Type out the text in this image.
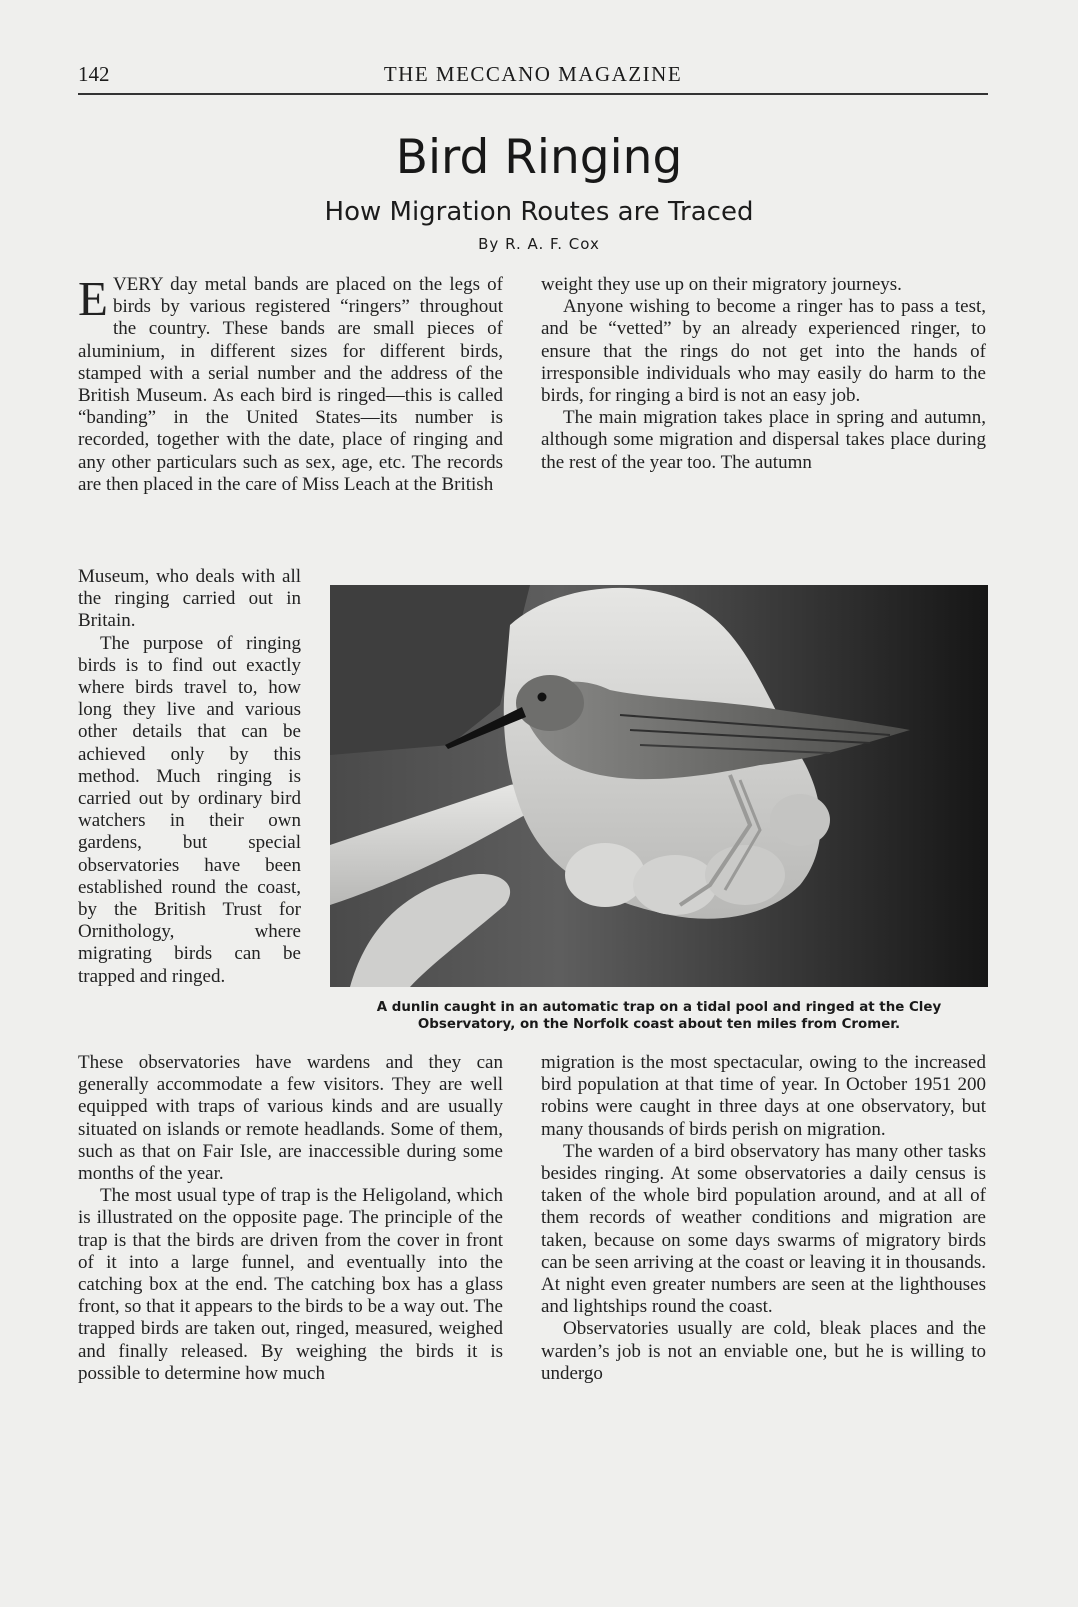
142	THE MECCANO MAGAZINE
Bird Ringing
How Migration Routes are Traced
By R. A. F. Cox

EVERY day metal bands are placed on the legs of birds by various registered “ringers” throughout the country. These bands are small pieces of aluminium, in different sizes for different birds, stamped with a serial number and the address of the British Museum. As each bird is ringed—this is called “banding” in the United States—its number is recorded, together with the date, place of ringing and any other particulars such as sex, age, etc. The records are then placed in the care of Miss Leach at the British

Museum, who deals with all the ringing carried out in Britain.

The purpose of ringing birds is to find out exactly where birds travel to, how long they live and various other details that can be achieved only by this method. Much ringing is carried out by ordinary bird watchers in their own gardens, but special observatories have been established round the coast, by the British Trust for Ornithology, where migrating birds can be trapped and ringed.

These observatories have wardens and they can generally accommodate a few visitors. They are well equipped with traps of various kinds and are usually situated on islands or remote headlands. Some of them, such as that on Fair Isle, are inaccessible during some months of the year.

The most usual type of trap is the Heligoland, which is illustrated on the opposite page. The principle of the trap is that the birds are driven from the cover in front of it into a large funnel, and eventually into the catching box at the end. The catching box has a glass front, so that it appears to the birds to be a way out. The trapped birds are taken out, ringed, measured, weighed and finally released. By weighing the birds it is possible to determine how much

weight they use up on their migratory journeys.

Anyone wishing to become a ringer has to pass a test, and be “vetted” by an already experienced ringer, to ensure that the rings do not get into the hands of irresponsible individuals who may easily do harm to the birds, for ringing a bird is not an easy job.

The main migration takes place in spring and autumn, although some migration and dispersal takes place during the rest of the year too. The autumn

A dunlin caught in an automatic trap on a tidal pool and ringed at the Cley Observatory, on the Norfolk coast about ten miles from Cromer.

migration is the most spectacular, owing to the increased bird population at that time of year. In October 1951 200 robins were caught in three days at one observatory, but many thousands of birds perish on migration.

The warden of a bird observatory has many other tasks besides ringing. At some observatories a daily census is taken of the whole bird population around, and at all of them records of weather conditions and migration are taken, because on some days swarms of migratory birds can be seen arriving at the coast or leaving it in thousands. At night even greater numbers are seen at the lighthouses and lightships round the coast.

Observatories usually are cold, bleak places and the warden’s job is not an enviable one, but he is willing to undergo
